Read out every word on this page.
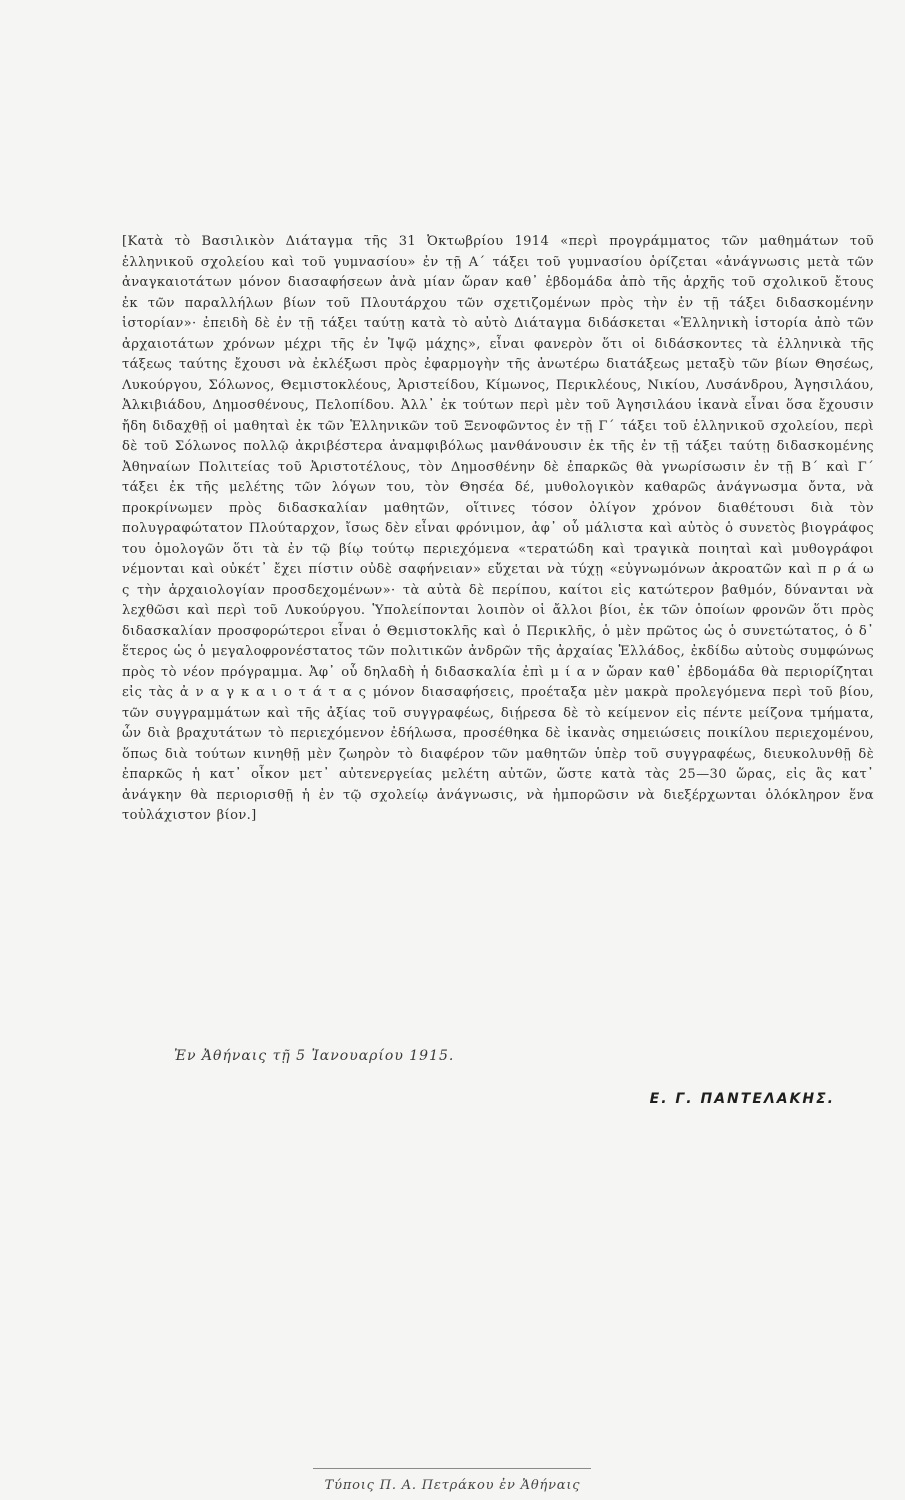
[Κατὰ τὸ Βασιλικὸν Διάταγμα τῆς 31 Ὀκτωβρίου 1914 «περὶ προγράμματος τῶν μαθημάτων τοῦ ἑλληνικοῦ σχολείου καὶ τοῦ γυμνασίου» ἐν τῇ Α΄ τάξει τοῦ γυμνασίου ὁρίζεται «ἀνάγνωσις μετὰ τῶν ἀναγκαιοτάτων μόνον διασαφήσεων ἀνὰ μίαν ὥραν καθ᾽ ἑβδομάδα ἀπὸ τῆς ἀρχῆς τοῦ σχολικοῦ ἔτους ἐκ τῶν παραλλήλων βίων τοῦ Πλουτάρχου τῶν σχετιζομένων πρὸς τὴν ἐν τῇ τάξει διδασκομένην ἱστορίαν»· ἐπειδὴ δὲ ἐν τῇ τάξει ταύτῃ κατὰ τὸ αὐτὸ Διάταγμα διδάσκεται «Ἑλληνικὴ ἱστορία ἀπὸ τῶν ἀρχαιοτάτων χρόνων μέχρι τῆς ἐν Ἰψῷ μάχης», εἶναι φανερὸν ὅτι οἱ διδάσκοντες τὰ ἑλληνικὰ τῆς τάξεως ταύτης ἔχουσι νὰ ἐκλέξωσι πρὸς ἐφαρμογὴν τῆς ἀνωτέρω διατάξεως μεταξὺ τῶν βίων Θησέως, Λυκούργου, Σόλωνος, Θεμιστοκλέους, Ἀριστείδου, Κίμωνος, Περικλέους, Νικίου, Λυσάνδρου, Ἀγησιλάου, Ἀλκιβιάδου, Δημοσθένους, Πελοπίδου. Ἀλλ᾽ ἐκ τούτων περὶ μὲν τοῦ Ἀγησιλάου ἱκανὰ εἶναι ὅσα ἔχουσιν ἤδη διδαχθῇ οἱ μαθηταὶ ἐκ τῶν Ἑλληνικῶν τοῦ Ξενοφῶντος ἐν τῇ Γ΄ τάξει τοῦ ἑλληνικοῦ σχολείου, περὶ δὲ τοῦ Σόλωνος πολλῷ ἀκριβέστερα ἀναμφιβόλως μανθάνουσιν ἐκ τῆς ἐν τῇ τάξει ταύτῃ διδασκομένης Ἀθηναίων Πολιτείας τοῦ Ἀριστοτέλους, τὸν Δημοσθένην δὲ ἐπαρκῶς θὰ γνωρίσωσιν ἐν τῇ Β΄ καὶ Γ΄ τάξει ἐκ τῆς μελέτης τῶν λόγων του, τὸν Θησέα δέ, μυθολογικὸν καθαρῶς ἀνάγνωσμα ὄντα, νὰ προκρίνωμεν πρὸς διδασκαλίαν μαθητῶν, οἵτινες τόσον ὀλίγον χρόνον διαθέτουσι διὰ τὸν πολυγραφώτατον Πλούταρχον, ἴσως δὲν εἶναι φρόνιμον, ἀφ᾽ οὗ μάλιστα καὶ αὐτὸς ὁ συνετὸς βιογράφος του ὁμολογῶν ὅτι τὰ ἐν τῷ βίῳ τούτῳ περιεχόμενα «τερατώδη καὶ τραγικὰ ποιηταὶ καὶ μυθογράφοι νέμονται καὶ οὐκέτ᾽ ἔχει πίστιν οὐδὲ σαφήνειαν» εὔχεται νὰ τύχῃ «εὐγνωμόνων ἀκροατῶν καὶ π ρ ά ω ς τὴν ἀρχαιολογίαν προσδεχομένων»· τὰ αὐτὰ δὲ περίπου, καίτοι εἰς κατώτερον βαθμόν, δύνανται νὰ λεχθῶσι καὶ περὶ τοῦ Λυκούργου. Ὑπολείπονται λοιπὸν οἱ ἄλλοι βίοι, ἐκ τῶν ὁποίων φρονῶν ὅτι πρὸς διδασκαλίαν προσφορώτεροι εἶναι ὁ Θεμιστοκλῆς καὶ ὁ Περικλῆς, ὁ μὲν πρῶτος ὡς ὁ συνετώτατος, ὁ δ᾽ ἕτερος ὡς ὁ μεγαλοφρονέστατος τῶν πολιτικῶν ἀνδρῶν τῆς ἀρχαίας Ἑλλάδος, ἐκδίδω αὐτοὺς συμφώνως πρὸς τὸ νέον πρόγραμμα. Ἀφ᾽ οὗ δηλαδὴ ἡ διδασκαλία ἐπὶ μ ί α ν ὥραν καθ᾽ ἑβδομάδα θὰ περιορίζηται εἰς τὰς ἀ ν α γ κ α ι ο τ ά τ α ς μόνον διασαφήσεις, προέταξα μὲν μακρὰ προλεγόμενα περὶ τοῦ βίου, τῶν συγγραμμάτων καὶ τῆς ἀξίας τοῦ συγγραφέως, διῄρεσα δὲ τὸ κείμενον εἰς πέντε μείζονα τμήματα, ὧν διὰ βραχυτάτων τὸ περιεχόμενον ἐδήλωσα, προσέθηκα δὲ ἱκανὰς σημειώσεις ποικίλου περιεχομένου, ὅπως διὰ τούτων κινηθῇ μὲν ζωηρὸν τὸ διαφέρον τῶν μαθητῶν ὑπὲρ τοῦ συγγραφέως, διευκολυνθῇ δὲ ἐπαρκῶς ἡ κατ᾽ οἶκον μετ᾽ αὐτενεργείας μελέτη αὐτῶν, ὥστε κατὰ τὰς 25—30 ὥρας, εἰς ἃς κατ᾽ ἀνάγκην θὰ περιορισθῇ ἡ ἐν τῷ σχολείῳ ἀνάγνωσις, νὰ ἠμπορῶσιν νὰ διεξέρχωνται ὁλόκληρον ἕνα τοὐλάχιστον βίον.]

Ἐν Ἀθήναις τῇ 5 Ἰανουαρίου 1915.

Ε. Γ. ΠΑΝΤΕΛΑΚΗΣ.

Τύποις Π. Α. Πετράκου ἐν Ἀθήναις
